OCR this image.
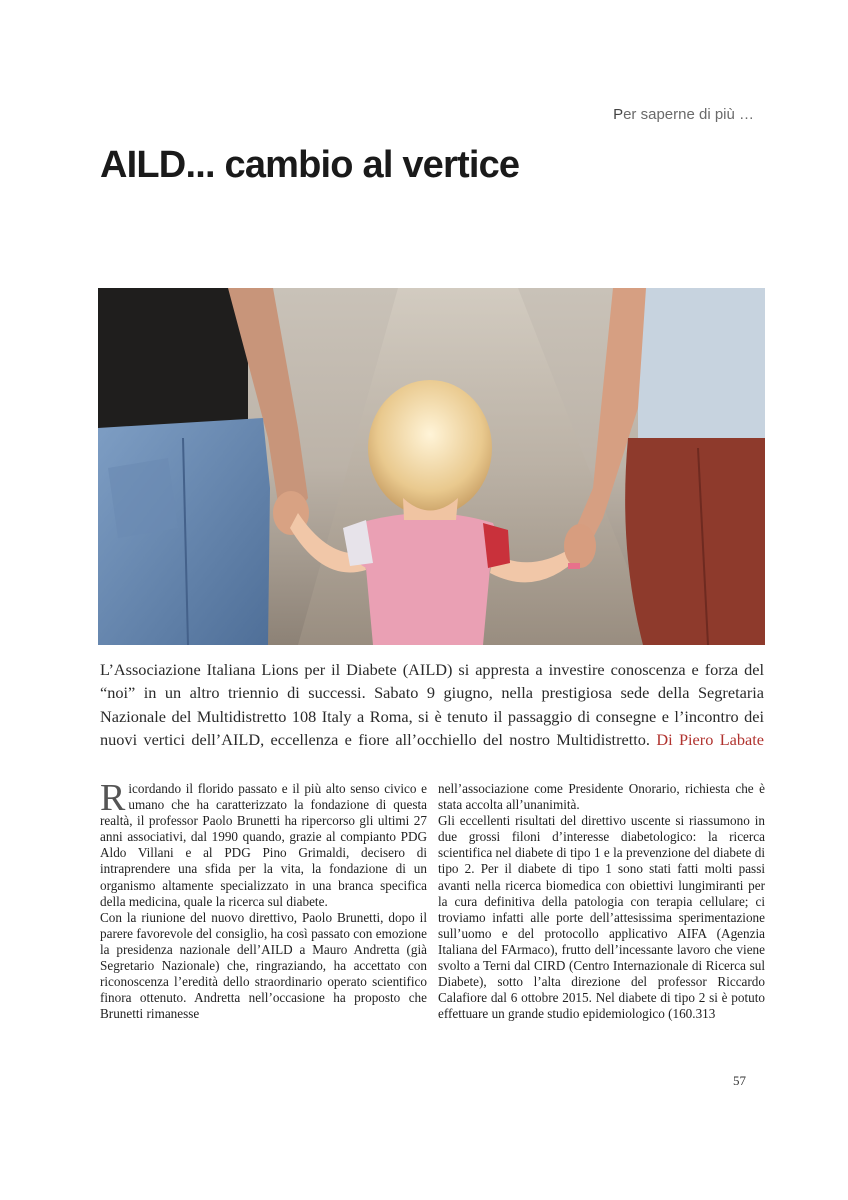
Per saperne di più …
AILD... cambio al vertice

L’Associazione Italiana Lions per il Diabete (AILD) si appresta a investire conoscenza e forza del “noi” in un altro triennio di successi. Sabato 9 giugno, nella prestigiosa sede della Segretaria Nazionale del Multidistretto 108 Italy a Roma, si è tenuto il passaggio di consegne e l’incontro dei nuovi vertici dell’AILD, eccellenza e fiore all’occhiello del nostro Multidistretto. Di Piero Labate

Ricordando il florido passato e il più alto senso civico e umano che ha caratterizzato la fondazione di questa realtà, il professor Paolo Brunetti ha ripercorso gli ultimi 27 anni associativi, dal 1990 quando, grazie al compianto PDG Aldo Villani e al PDG Pino Grimaldi, decisero di intraprendere una sfida per la vita, la fondazione di un organismo altamente specializzato in una branca specifica della medicina, quale la ricerca sul diabete.

Con la riunione del nuovo direttivo, Paolo Brunetti, dopo il parere favorevole del consiglio, ha così passato con emozione la presidenza nazionale dell’AILD a Mauro Andretta (già Segretario Nazionale) che, ringraziando, ha accettato con riconoscenza l’eredità dello straordinario operato scientifico finora ottenuto. Andretta nell’occasione ha proposto che Brunetti rimanesse

nell’associazione come Presidente Onorario, richiesta che è stata accolta all’unanimità.

Gli eccellenti risultati del direttivo uscente si riassumono in due grossi filoni d’interesse diabetologico: la ricerca scientifica nel diabete di tipo 1 e la prevenzione del diabete di tipo 2. Per il diabete di tipo 1 sono stati fatti molti passi avanti nella ricerca biomedica con obiettivi lungimiranti per la cura definitiva della patologia con terapia cellulare; ci troviamo infatti alle porte dell’attesissima sperimentazione sull’uomo e del protocollo applicativo AIFA (Agenzia Italiana del FArmaco), frutto dell’incessante lavoro che viene svolto a Terni dal CIRD (Centro Internazionale di Ricerca sul Diabete), sotto l’alta direzione del professor Riccardo Calafiore dal 6 ottobre 2015. Nel diabete di tipo 2 si è potuto effettuare un grande studio epidemiologico (160.313

57
